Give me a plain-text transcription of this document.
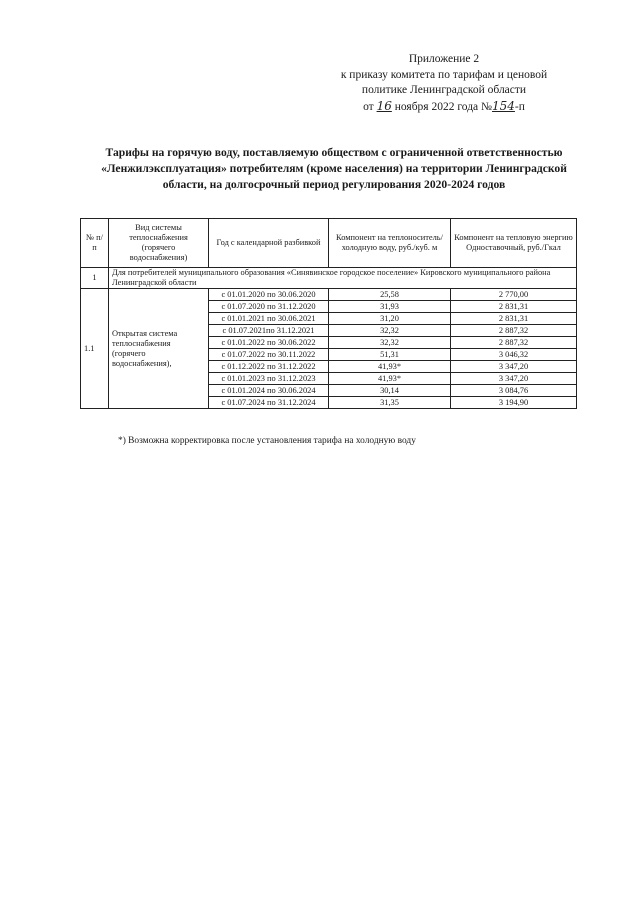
Приложение 2
к приказу комитета по тарифам и ценовой
политике Ленинградской области
от 16 ноября 2022 года №154-п
Тарифы на горячую воду, поставляемую обществом с ограниченной ответственностью «Ленжилэксплуатация» потребителям (кроме населения) на территории Ленинградской области, на долгосрочный период регулирования 2020-2024 годов
№ п/п	Вид системы теплоснабжения (горячего водоснабжения)	Год с календарной разбивкой	Компонент на теплоноситель/холодную воду, руб./куб. м	Компонент на тепловую энергию Одноставочный, руб./Гкал
1	Для потребителей муниципального образования «Синявинское городское поселение» Кировского муниципального района Ленинградской области			
1.1	Открытая система теплоснабжения (горячего водоснабжения),	с 01.01.2020 по 30.06.2020	25,58	2 770,00
		с 01.07.2020 по 31.12.2020	31,93	2 831,31
		с 01.01.2021 по 30.06.2021	31,20	2 831,31
		с 01.07.2021по 31.12.2021	32,32	2 887,32
		с 01.01.2022 по 30.06.2022	32,32	2 887,32
		с 01.07.2022 по 30.11.2022	51,31	3 046,32
		с 01.12.2022 по 31.12.2022	41,93*	3 347,20
		с 01.01.2023 по 31.12.2023	41,93*	3 347,20
		с 01.01.2024 по 30.06.2024	30,14	3 084,76
		с 01.07.2024 по 31.12.2024	31,35	3 194,90
*) Возможна корректировка после установления тарифа на холодную воду
